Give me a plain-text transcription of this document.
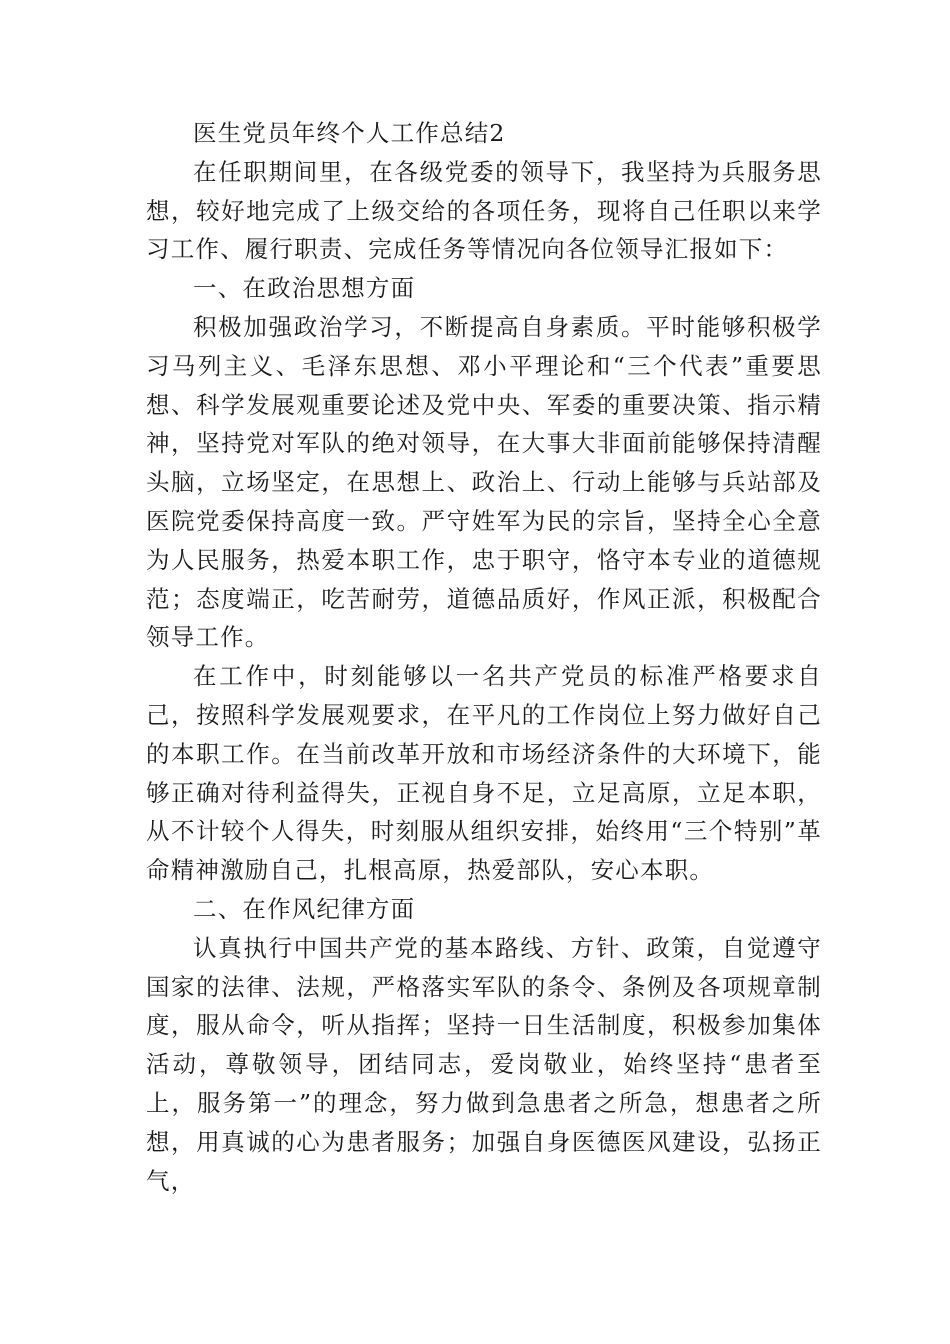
医生党员年终个人工作总结2

在任职期间里，在各级党委的领导下，我坚持为兵服务思想，较好地完成了上级交给的各项任务，现将自己任职以来学习工作、履行职责、完成任务等情况向各位领导汇报如下：

一、在政治思想方面

积极加强政治学习，不断提高自身素质。平时能够积极学习马列主义、毛泽东思想、邓小平理论和“三个代表”重要思想、科学发展观重要论述及党中央、军委的重要决策、指示精神，坚持党对军队的绝对领导，在大事大非面前能够保持清醒头脑，立场坚定，在思想上、政治上、行动上能够与兵站部及医院党委保持高度一致。严守姓军为民的宗旨，坚持全心全意为人民服务，热爱本职工作，忠于职守，恪守本专业的道德规范；态度端正，吃苦耐劳，道德品质好，作风正派，积极配合领导工作。

在工作中，时刻能够以一名共产党员的标准严格要求自己，按照科学发展观要求，在平凡的工作岗位上努力做好自己的本职工作。在当前改革开放和市场经济条件的大环境下，能够正确对待利益得失，正视自身不足，立足高原，立足本职，从不计较个人得失，时刻服从组织安排，始终用“三个特别”革命精神激励自己，扎根高原，热爱部队，安心本职。

二、在作风纪律方面

认真执行中国共产党的基本路线、方针、政策，自觉遵守国家的法律、法规，严格落实军队的条令、条例及各项规章制度，服从命令，听从指挥；坚持一日生活制度，积极参加集体活动，尊敬领导，团结同志，爱岗敬业，始终坚持“患者至上，服务第一”的理念，努力做到急患者之所急，想患者之所想，用真诚的心为患者服务；加强自身医德医风建设，弘扬正气，
